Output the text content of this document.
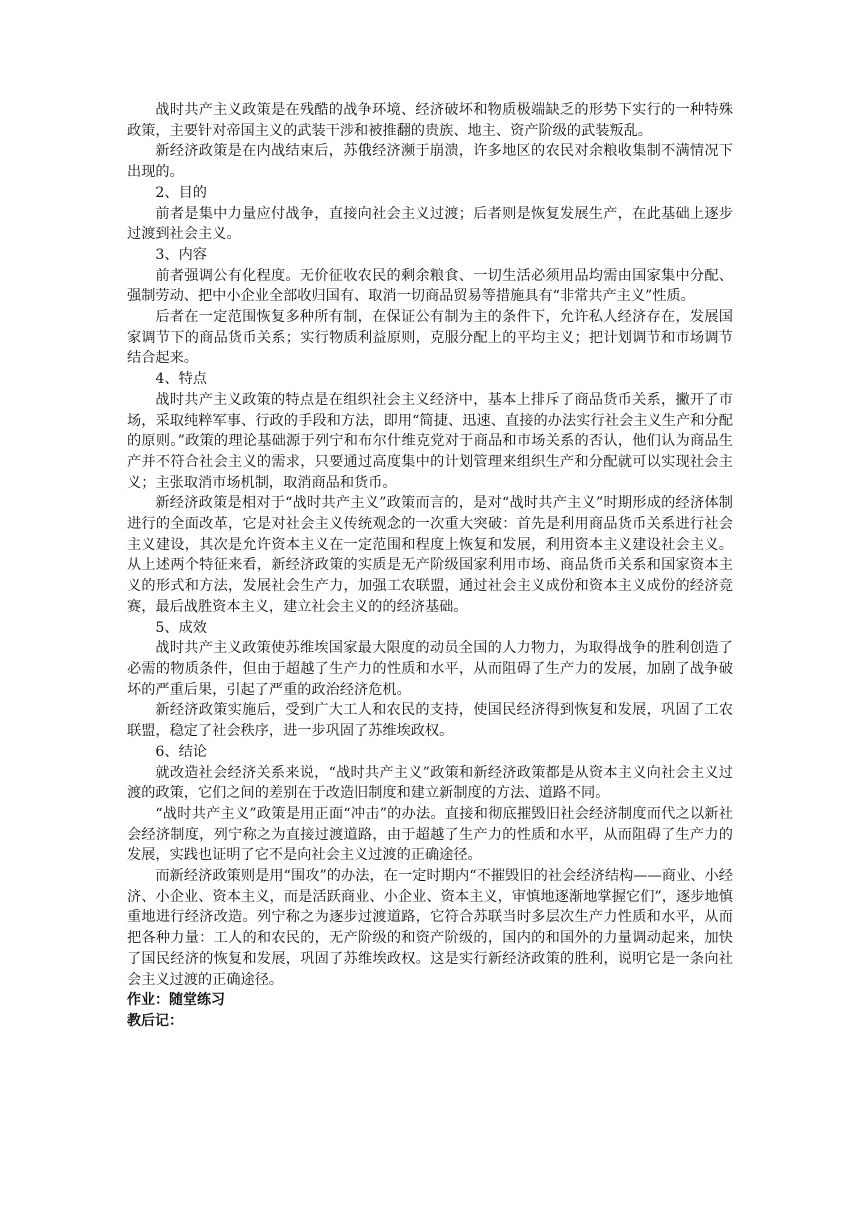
战时共产主义政策是在残酷的战争环境、经济破坏和物质极端缺乏的形势下实行的一种特殊政策，主要针对帝国主义的武装干涉和被推翻的贵族、地主、资产阶级的武装叛乱。

新经济政策是在内战结束后，苏俄经济濒于崩溃，许多地区的农民对余粮收集制不满情况下出现的。

2、目的

前者是集中力量应付战争，直接向社会主义过渡；后者则是恢复发展生产，在此基础上逐步过渡到社会主义。

3、内容

前者强调公有化程度。无价征收农民的剩余粮食、一切生活必须用品均需由国家集中分配、强制劳动、把中小企业全部收归国有、取消一切商品贸易等措施具有“非常共产主义”性质。

后者在一定范围恢复多种所有制，在保证公有制为主的条件下，允许私人经济存在，发展国家调节下的商品货币关系；实行物质利益原则，克服分配上的平均主义；把计划调节和市场调节结合起来。

4、特点

战时共产主义政策的特点是在组织社会主义经济中，基本上排斥了商品货币关系，撇开了市场，采取纯粹军事、行政的手段和方法，即用“简捷、迅速、直接的办法实行社会主义生产和分配的原则。”政策的理论基础源于列宁和布尔什维克党对于商品和市场关系的否认，他们认为商品生产并不符合社会主义的需求，只要通过高度集中的计划管理来组织生产和分配就可以实现社会主义；主张取消市场机制，取消商品和货币。

新经济政策是相对于“战时共产主义”政策而言的，是对“战时共产主义”时期形成的经济体制进行的全面改革，它是对社会主义传统观念的一次重大突破：首先是利用商品货币关系进行社会主义建设，其次是允许资本主义在一定范围和程度上恢复和发展，利用资本主义建设社会主义。从上述两个特征来看，新经济政策的实质是无产阶级国家利用市场、商品货币关系和国家资本主义的形式和方法，发展社会生产力，加强工农联盟，通过社会主义成份和资本主义成份的经济竞赛，最后战胜资本主义，建立社会主义的的经济基础。

5、成效

战时共产主义政策使苏维埃国家最大限度的动员全国的人力物力，为取得战争的胜利创造了必需的物质条件，但由于超越了生产力的性质和水平，从而阻碍了生产力的发展，加剧了战争破坏的严重后果，引起了严重的政治经济危机。

新经济政策实施后，受到广大工人和农民的支持，使国民经济得到恢复和发展，巩固了工农联盟，稳定了社会秩序，进一步巩固了苏维埃政权。

6、结论

就改造社会经济关系来说，“战时共产主义”政策和新经济政策都是从资本主义向社会主义过渡的政策，它们之间的差别在于改造旧制度和建立新制度的方法、道路不同。

“战时共产主义”政策是用正面“冲击”的办法。直接和彻底摧毁旧社会经济制度而代之以新社会经济制度，列宁称之为直接过渡道路，由于超越了生产力的性质和水平，从而阻碍了生产力的发展，实践也证明了它不是向社会主义过渡的正确途径。

而新经济政策则是用“围攻”的办法，在一定时期内“不摧毁旧的社会经济结构——商业、小经济、小企业、资本主义，而是活跃商业、小企业、资本主义，审慎地逐渐地掌握它们”，逐步地慎重地进行经济改造。列宁称之为逐步过渡道路，它符合苏联当时多层次生产力性质和水平，从而把各种力量：工人的和农民的，无产阶级的和资产阶级的，国内的和国外的力量调动起来，加快了国民经济的恢复和发展，巩固了苏维埃政权。这是实行新经济政策的胜利，说明它是一条向社会主义过渡的正确途径。

作业：随堂练习

教后记：
